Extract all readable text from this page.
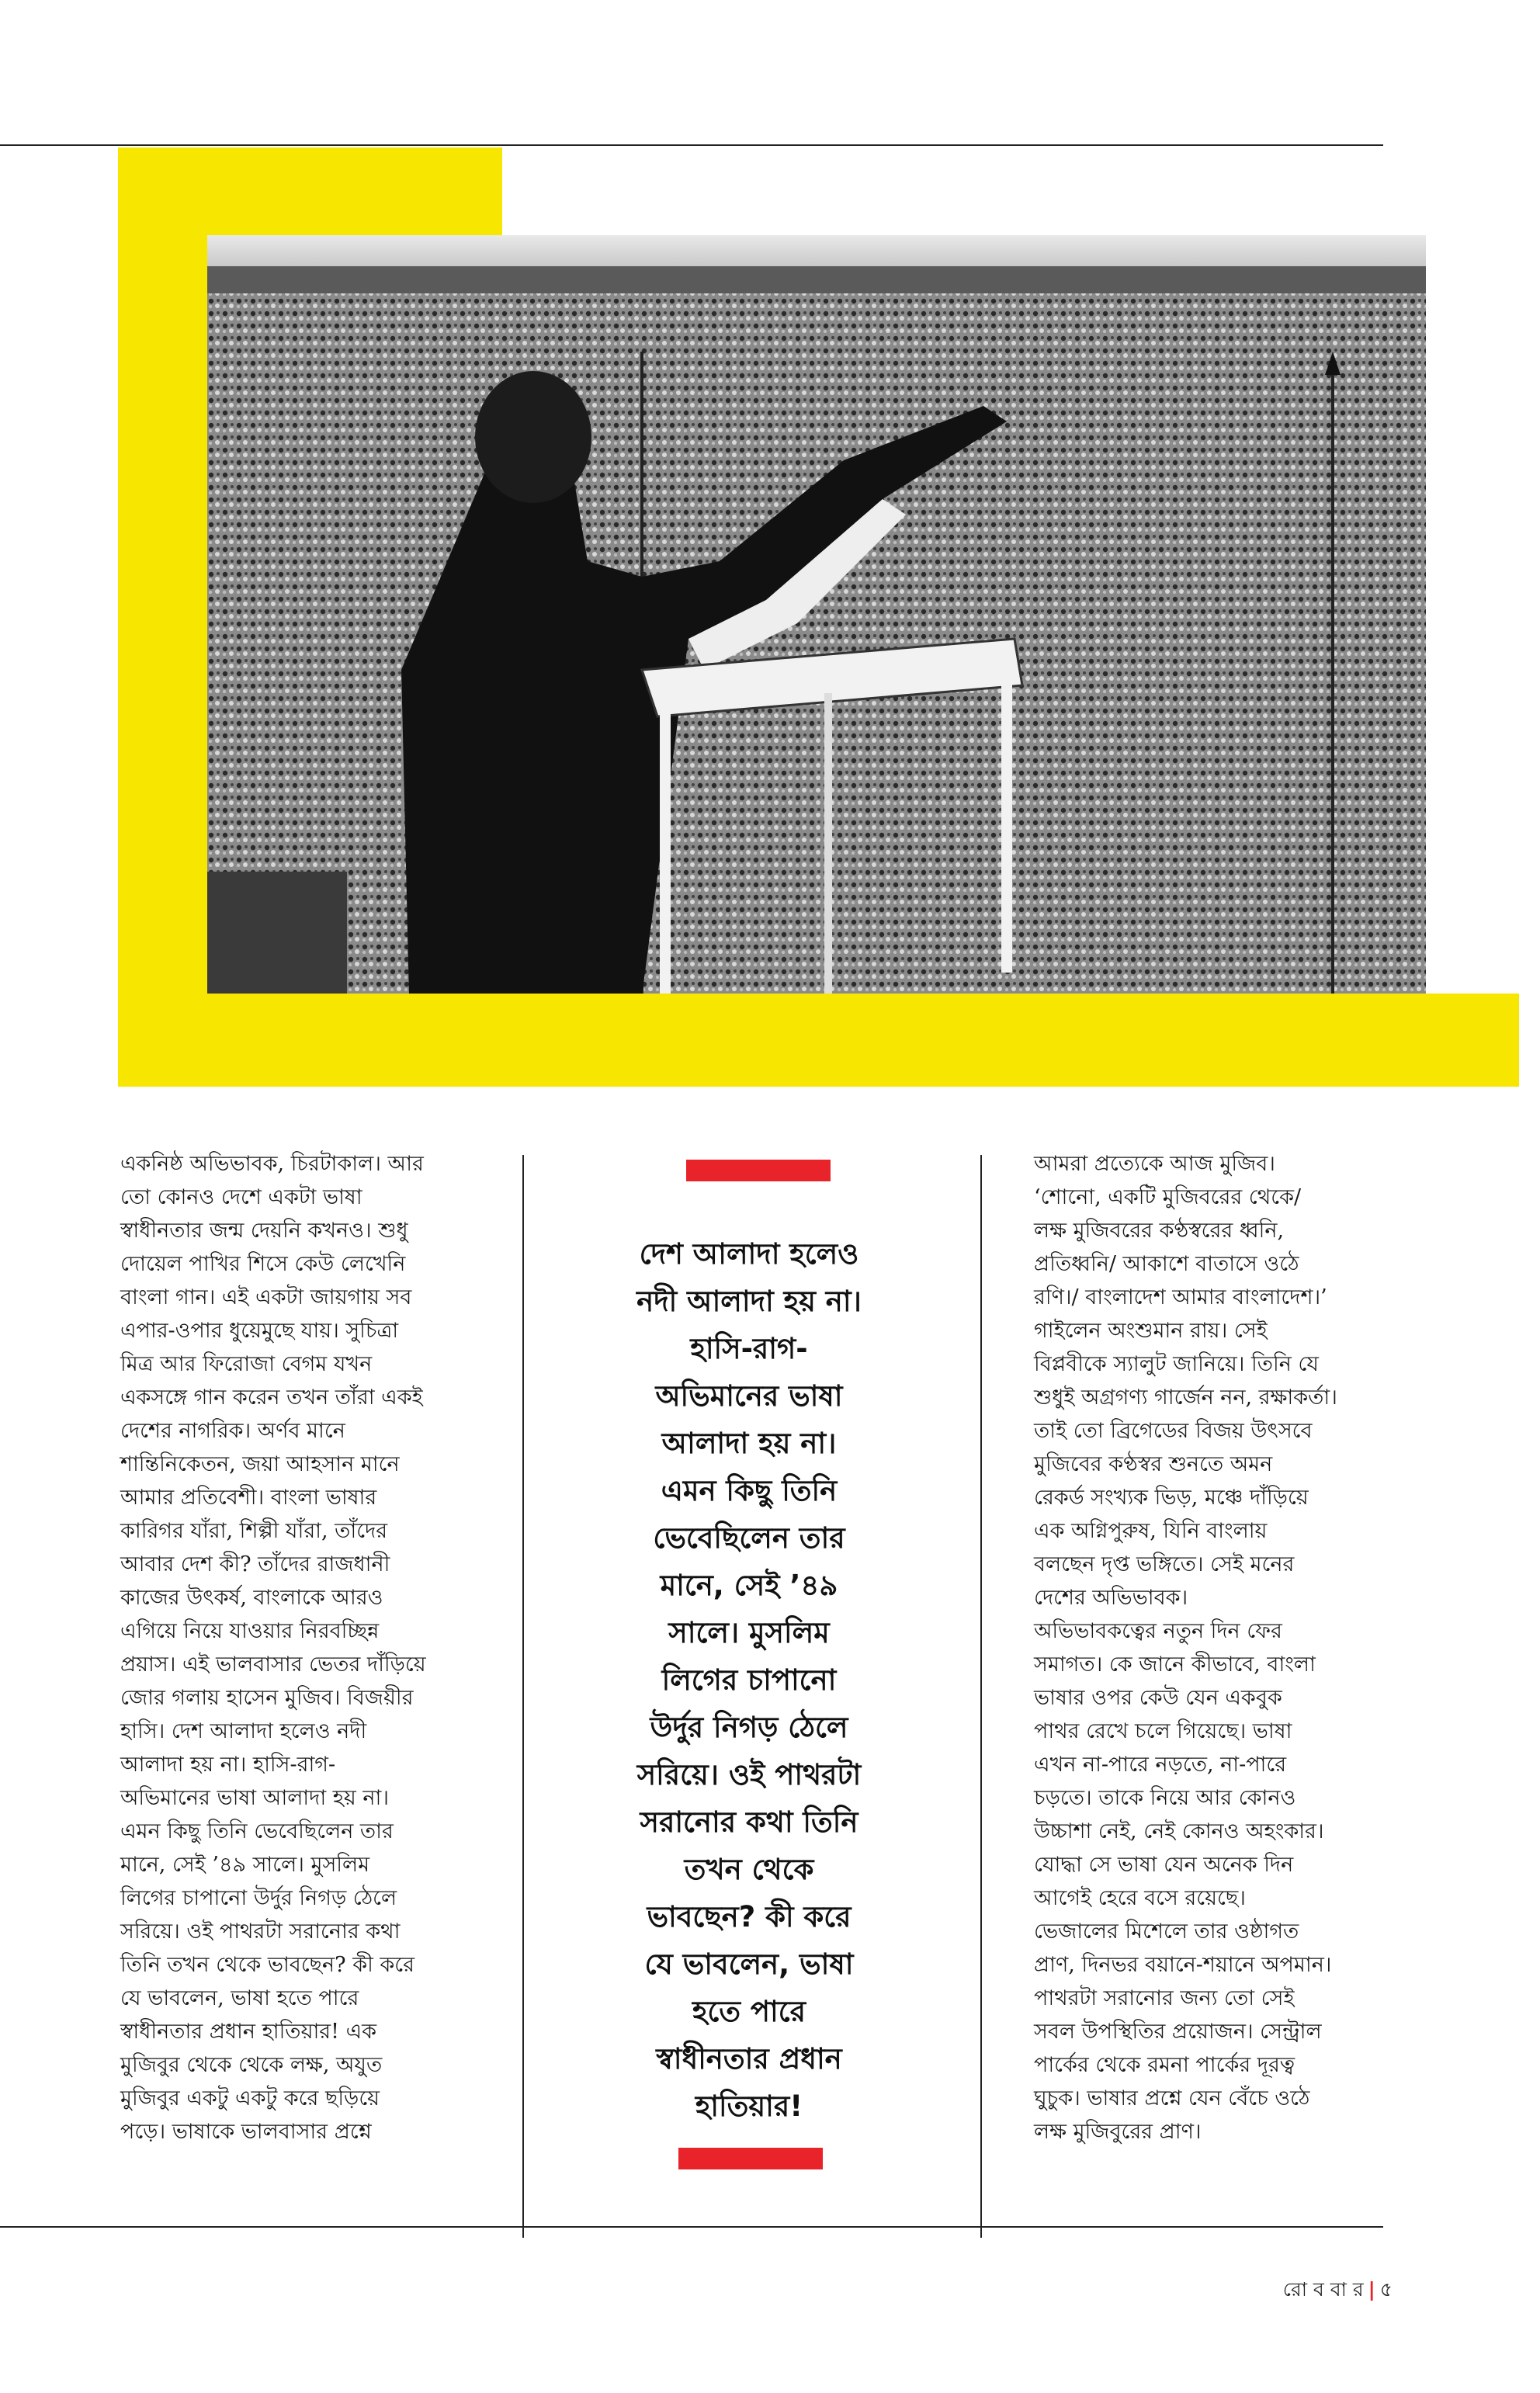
একনিষ্ঠ অভিভাবক, চিরটাকাল। আর
তো কোনও দেশে একটা ভাষা
স্বাধীনতার জন্ম দেয়নি কখনও। শুধু
দোয়েল পাখির শিসে কেউ লেখেনি
বাংলা গান। এই একটা জায়গায় সব
এপার-ওপার ধুয়েমুছে যায়। সুচিত্রা
মিত্র আর ফিরোজা বেগম যখন
একসঙ্গে গান করেন তখন তাঁরা একই
দেশের নাগরিক। অর্ণব মানে
শান্তিনিকেতন, জয়া আহসান মানে
আমার প্রতিবেশী। বাংলা ভাষার
কারিগর যাঁরা, শিল্পী যাঁরা, তাঁদের
আবার দেশ কী? তাঁদের রাজধানী
কাজের উৎকর্ষ, বাংলাকে আরও
এগিয়ে নিয়ে যাওয়ার নিরবচ্ছিন্ন
প্রয়াস। এই ভালবাসার ভেতর দাঁড়িয়ে
জোর গলায় হাসেন মুজিব। বিজয়ীর
হাসি। দেশ আলাদা হলেও নদী
আলাদা হয় না। হাসি-রাগ-
অভিমানের ভাষা আলাদা হয় না।
এমন কিছু তিনি ভেবেছিলেন তার
মানে, সেই ’৪৯ সালে। মুসলিম
লিগের চাপানো উর্দুর নিগড় ঠেলে
সরিয়ে। ওই পাথরটা সরানোর কথা
তিনি তখন থেকে ভাবছেন? কী করে
যে ভাবলেন, ভাষা হতে পারে
স্বাধীনতার প্রধান হাতিয়ার! এক
মুজিবুর থেকে থেকে লক্ষ, অযুত
মুজিবুর একটু একটু করে ছড়িয়ে
পড়ে। ভাষাকে ভালবাসার প্রশ্নে
দেশ আলাদা হলেও
নদী আলাদা হয় না।
হাসি-রাগ-
অভিমানের ভাষা
আলাদা হয় না।
এমন কিছু তিনি
ভেবেছিলেন তার
মানে, সেই ’৪৯
সালে। মুসলিম
লিগের চাপানো
উর্দুর নিগড় ঠেলে
সরিয়ে। ওই পাথরটা
সরানোর কথা তিনি
তখন থেকে
ভাবছেন? কী করে
যে ভাবলেন, ভাষা
হতে পারে
স্বাধীনতার প্রধান
হাতিয়ার!
আমরা প্রত্যেকে আজ মুজিব।
‘শোনো, একটি মুজিবরের থেকে/
লক্ষ মুজিবরের কণ্ঠস্বরের ধ্বনি,
প্রতিধ্বনি/ আকাশে বাতাসে ওঠে
রণি।/ বাংলাদেশ আমার বাংলাদেশ।’
গাইলেন অংশুমান রায়। সেই
বিপ্লবীকে স্যালুট জানিয়ে। তিনি যে
শুধুই অগ্রগণ্য গার্জেন নন, রক্ষাকর্তা।
তাই তো ব্রিগেডের বিজয় উৎসবে
মুজিবের কণ্ঠস্বর শুনতে অমন
রেকর্ড সংখ্যক ভিড়, মঞ্চে দাঁড়িয়ে
এক অগ্নিপুরুষ, যিনি বাংলায়
বলছেন দৃপ্ত ভঙ্গিতে। সেই মনের
দেশের অভিভাবক।
অভিভাবকত্বের নতুন দিন ফের
সমাগত। কে জানে কীভাবে, বাংলা
ভাষার ওপর কেউ যেন একবুক
পাথর রেখে চলে গিয়েছে। ভাষা
এখন না-পারে নড়তে, না-পারে
চড়তে। তাকে নিয়ে আর কোনও
উচ্চাশা নেই, নেই কোনও অহংকার।
যোদ্ধা সে ভাষা যেন অনেক দিন
আগেই হেরে বসে রয়েছে।
ভেজালের মিশেলে তার ওষ্ঠাগত
প্রাণ, দিনভর বয়ানে-শয়ানে অপমান।
পাথরটা সরানোর জন্য তো সেই
সবল উপস্থিতির প্রয়োজন। সেন্ট্রাল
পার্কের থেকে রমনা পার্কের দূরত্ব
ঘুচুক। ভাষার প্রশ্নে যেন বেঁচে ওঠে
লক্ষ মুজিবুরের প্রাণ।
রো ব বা র | ৫
